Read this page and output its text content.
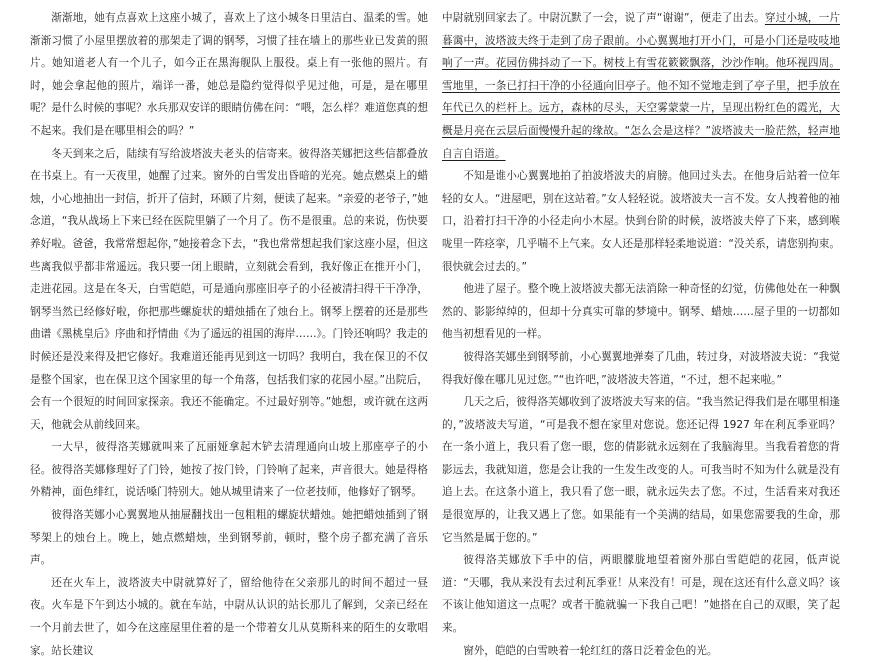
渐渐地，她有点喜欢上这座小城了，喜欢上了这小城冬日里洁白、温柔的雪。她渐渐习惯了小屋里摆放着的那架走了调的钢琴，习惯了挂在墙上的那些业已发黄的照片。她知道老人有一个儿子，如今正在黑海舰队上服役。桌上有一张他的照片。有时，她会拿起他的照片，端详一番，她总是隐约觉得似乎见过他，可是，是在哪里呢？是什么时候的事呢？水兵那双安详的眼睛仿佛在问：“喂，怎么样？难道您真的想不起来。我们是在哪里相会的吗？”

冬天到来之后，陆续有写给波塔波夫老头的信寄来。彼得洛芙娜把这些信都叠放在书桌上。有一天夜里，她醒了过来。窗外的白雪发出昏暗的光亮。她点燃桌上的蜡烛，小心地抽出一封信，折开了信封，环顾了片刻，便读了起来。“亲爱的老爷子，”她念道，“我从战场上下来已经在医院里躺了一个月了。伤不是很重。总的来说，伤快要养好啦。爸爸，我常常想起你，”她接着念下去，“我也常常想起我们家这座小屋，但这些离我似乎都非常遥远。我只要一闭上眼睛，立刻就会看到，我好像正在推开小门，走进花园。这是在冬天，白雪皑皑，可是通向那座旧亭子的小径被清扫得干干净净，钢琴当然已经修好啦，你把那些螺旋状的蜡烛插在了烛台上。钢琴上摆着的还是那些曲谱《黑桃皇后》序曲和抒情曲《为了遥远的祖国的海岸……》。门铃还响吗？我走的时候还是没来得及把它修好。我难道还能再见到这一切吗？我明白，我在保卫的不仅是整个国家，也在保卫这个国家里的每一个角落，包括我们家的花园小屋。”出院后，会有一个很短的时间回家探亲。我还不能确定。不过最好别等。”她想，或许就在这两天，他就会从前线回来。

一大早，彼得洛芙娜就叫来了瓦丽娅拿起木铲去清理通向山坡上那座亭子的小径。彼得洛芙娜修理好了门铃，她按了按门铃，门铃响了起来，声音很大。她是得格外精神，面色绯红，说话嗓门特别大。她从城里请来了一位老技师，他修好了钢琴。

彼得洛芙娜小心翼翼地从抽屉翻找出一包粗粗的螺旋状蜡烛。她把蜡烛插到了钢琴架上的烛台上。晚上，她点燃蜡烛，坐到钢琴前，顿时，整个房子都充满了音乐声。

还在火车上，波塔波夫中尉就算好了，留给他待在父亲那儿的时间不超过一昼夜。火车是下午到达小城的。就在车站，中尉从认识的站长那儿了解到，父亲已经在一个月前去世了，如今在这座屋里住着的是一个带着女儿从莫斯科来的陌生的女歌唱家。站长建议

中尉就别回家去了。中尉沉默了一会，说了声“谢谢”，便走了出去。穿过小城，一片暮霭中，波塔波夫终于走到了房子跟前。小心翼翼地打开小门，可是小门还是吱吱地响了一声。花园仿佛抖动了一下。树枝上有雪花簌簌飘落，沙沙作响。他环视四周。雪地里，一条已打扫干净的小径通向旧亭子。他不知不觉地走到了亭子里，把手放在年代已久的栏杆上。远方，森林的尽头，天空雾蒙蒙一片，呈现出粉红色的霞光，大概是月亮在云层后面慢慢升起的缘故。“怎么会是这样？”波塔波夫一脸茫然，轻声地自言自语道。

不知是谁小心翼翼地拍了拍波塔波夫的肩膀。他回过头去。在他身后站着一位年轻的女人。“进屋吧，别在这站着。”女人轻轻说。波塔波夫一言不发。女人拽着他的袖口，沿着打扫干净的小径走向小木屋。快到台阶的时候，波塔波夫停了下来，感到喉咙里一阵痉挛，几乎喘不上气来。女人还是那样轻柔地说道：“没关系，请您别拘束。很快就会过去的。”

他进了屋子。整个晚上波塔波夫都无法消除一种奇怪的幻觉，仿佛他处在一种飘然的、影影绰绰的，但却十分真实可靠的梦境中。钢琴、蜡烛……屋子里的一切都如他当初想看见的一样。

彼得洛芙娜坐到钢琴前，小心翼翼地弹奏了几曲，转过身，对波塔波夫说：“我觉得我好像在哪儿见过您。”“也许吧，”波塔波夫答道，“不过，想不起来啦。”

几天之后，彼得洛芙娜收到了波塔波夫写来的信。“我当然记得我们是在哪里相逢的，”波塔波夫写道，“可是我不想在家里对您说。您还记得 1927 年在利瓦季亚吗？在一条小道上，我只看了您一眼，您的倩影就永远刻在了我脑海里。当我看着您的背影远去，我就知道，您是会让我的一生发生改变的人。可我当时不知为什么就是没有追上去。在这条小道上，我只看了您一眼，就永远失去了您。不过，生活看来对我还是很宽厚的，让我又遇上了您。如果能有一个美满的结局，如果您需要我的生命，那它当然是属于您的。”

彼得洛芙娜放下手中的信，两眼朦胧地望着窗外那白雪皑皑的花园，低声说道：“天哪，我从来没有去过利瓦季亚！从来没有！可是，现在这还有什么意义吗？该不该让他知道这一点呢？或者干脆就骗一下我自己吧！”她搭在自己的双眼，笑了起来。

窗外，皑皑的白雪映着一轮红红的落日泛着金色的光。
